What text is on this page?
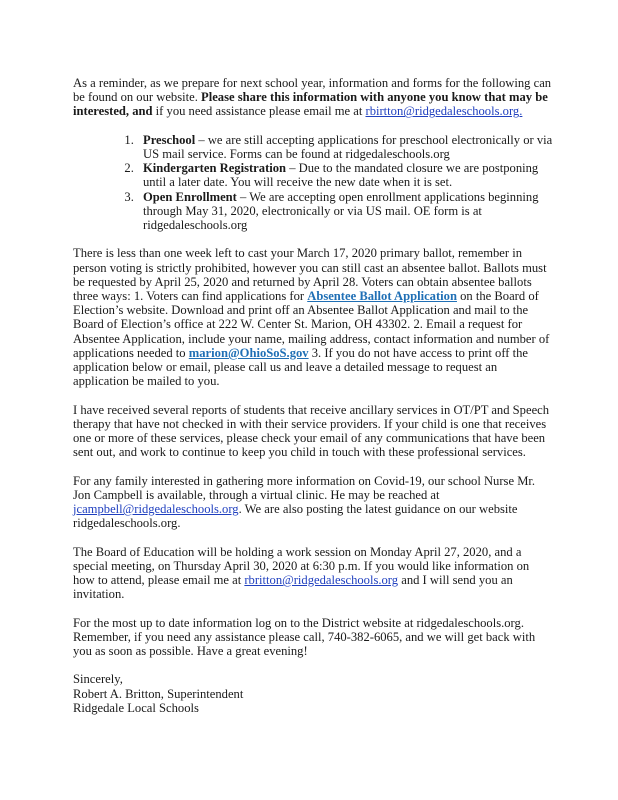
As a reminder, as we prepare for next school year, information and forms for the following can be found on our website. Please share this information with anyone you know that may be interested, and if you need assistance please email me at rbirtton@ridgedaleschools.org.

1. Preschool – we are still accepting applications for preschool electronically or via US mail service. Forms can be found at ridgedaleschools.org
2. Kindergarten Registration – Due to the mandated closure we are postponing until a later date. You will receive the new date when it is set.
3. Open Enrollment – We are accepting open enrollment applications beginning through May 31, 2020, electronically or via US mail. OE form is at ridgedaleschools.org

There is less than one week left to cast your March 17, 2020 primary ballot, remember in person voting is strictly prohibited, however you can still cast an absentee ballot. Ballots must be requested by April 25, 2020 and returned by April 28. Voters can obtain absentee ballots three ways: 1. Voters can find applications for Absentee Ballot Application on the Board of Election’s website. Download and print off an Absentee Ballot Application and mail to the Board of Election’s office at 222 W. Center St. Marion, OH 43302. 2. Email a request for Absentee Application, include your name, mailing address, contact information and number of applications needed to marion@OhioSoS.gov 3. If you do not have access to print off the application below or email, please call us and leave a detailed message to request an application be mailed to you.

I have received several reports of students that receive ancillary services in OT/PT and Speech therapy that have not checked in with their service providers. If your child is one that receives one or more of these services, please check your email of any communications that have been sent out, and work to continue to keep you child in touch with these professional services.

For any family interested in gathering more information on Covid-19, our school Nurse Mr. Jon Campbell is available, through a virtual clinic. He may be reached at jcampbell@ridgedaleschools.org. We are also posting the latest guidance on our website ridgedaleschools.org.

The Board of Education will be holding a work session on Monday April 27, 2020, and a special meeting, on Thursday April 30, 2020 at 6:30 p.m. If you would like information on how to attend, please email me at rbritton@ridgedaleschools.org and I will send you an invitation.

For the most up to date information log on to the District website at ridgedaleschools.org. Remember, if you need any assistance please call, 740-382-6065, and we will get back with you as soon as possible. Have a great evening!

Sincerely,

Robert A. Britton, Superintendent

Ridgedale Local Schools
